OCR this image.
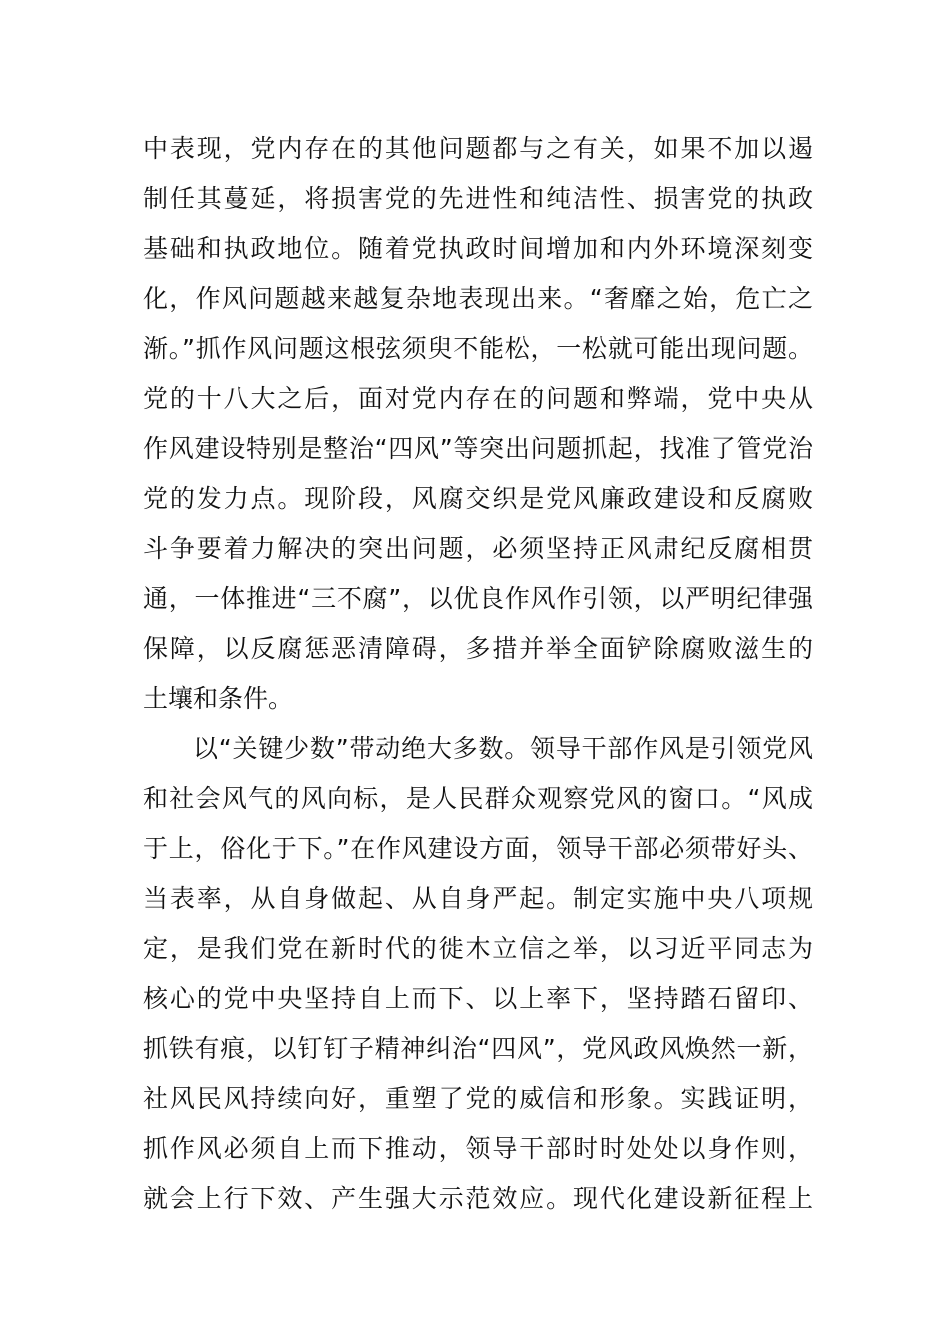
中表现，党内存在的其他问题都与之有关，如果不加以遏
制任其蔓延，将损害党的先进性和纯洁性、损害党的执政
基础和执政地位。随着党执政时间增加和内外环境深刻变
化，作风问题越来越复杂地表现出来。“奢靡之始，危亡之
渐。”抓作风问题这根弦须臾不能松，一松就可能出现问题。
党的十八大之后，面对党内存在的问题和弊端，党中央从
作风建设特别是整治“四风”等突出问题抓起，找准了管党治
党的发力点。现阶段，风腐交织是党风廉政建设和反腐败
斗争要着力解决的突出问题，必须坚持正风肃纪反腐相贯
通，一体推进“三不腐”，以优良作风作引领，以严明纪律强
保障，以反腐惩恶清障碍，多措并举全面铲除腐败滋生的
土壤和条件。
以“关键少数”带动绝大多数。领导干部作风是引领党风
和社会风气的风向标，是人民群众观察党风的窗口。“风成
于上，俗化于下。”在作风建设方面，领导干部必须带好头、
当表率，从自身做起、从自身严起。制定实施中央八项规
定，是我们党在新时代的徙木立信之举，以习近平同志为
核心的党中央坚持自上而下、以上率下，坚持踏石留印、
抓铁有痕，以钉钉子精神纠治“四风”，党风政风焕然一新，
社风民风持续向好，重塑了党的威信和形象。实践证明，
抓作风必须自上而下推动，领导干部时时处处以身作则，
就会上行下效、产生强大示范效应。现代化建设新征程上
